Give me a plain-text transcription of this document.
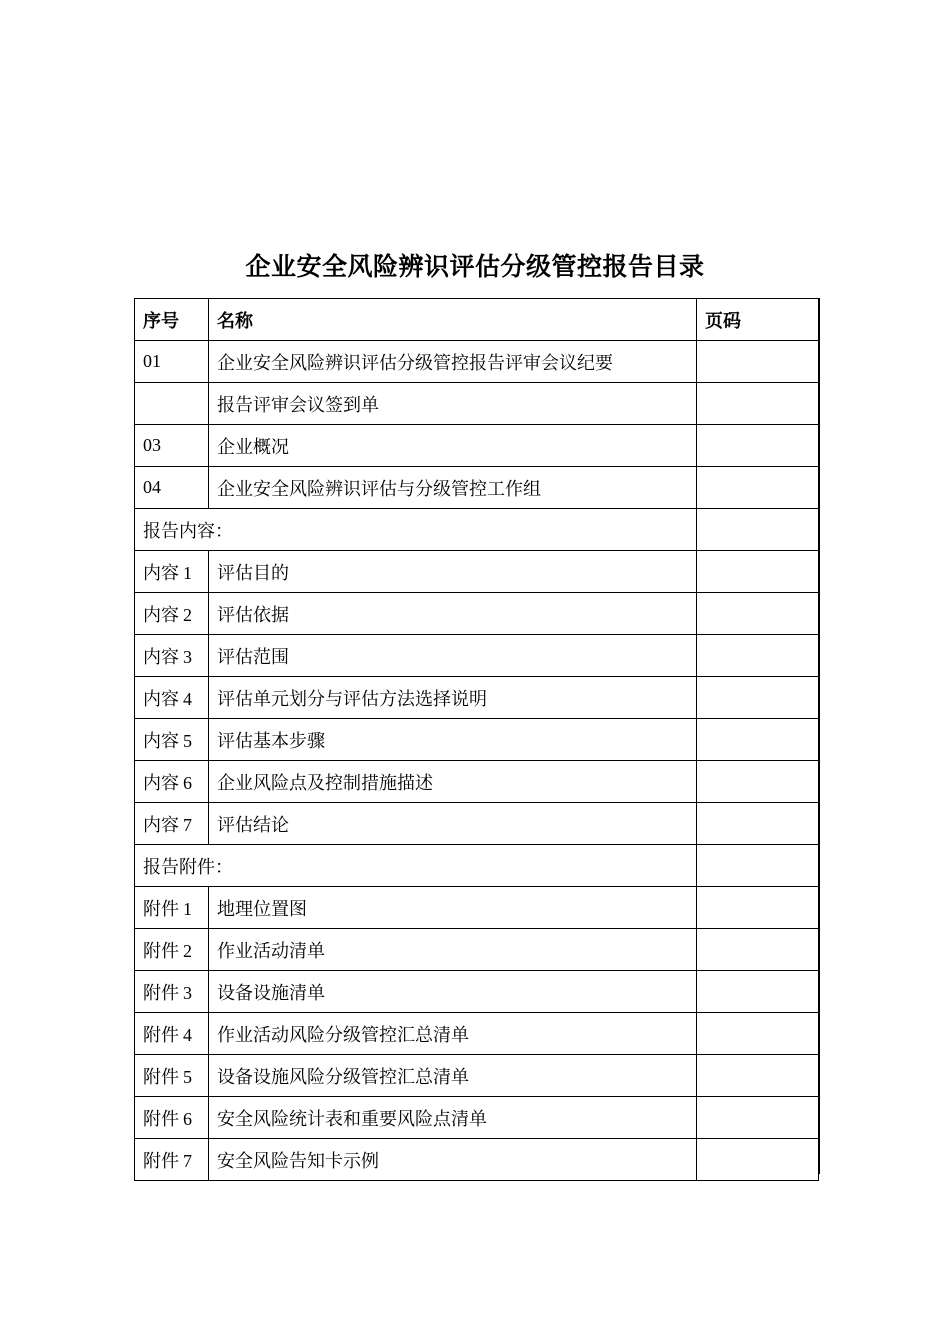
企业安全风险辨识评估分级管控报告目录
序号	名称	页码
01	企业安全风险辨识评估分级管控报告评审会议纪要	
	报告评审会议签到单	
03	企业概况	
04	企业安全风险辨识评估与分级管控工作组	
报告内容：		
内容 1	评估目的	
内容 2	评估依据	
内容 3	评估范围	
内容 4	评估单元划分与评估方法选择说明	
内容 5	评估基本步骤	
内容 6	企业风险点及控制措施描述	
内容 7	评估结论	
报告附件：		
附件 1	地理位置图	
附件 2	作业活动清单	
附件 3	设备设施清单	
附件 4	作业活动风险分级管控汇总清单	
附件 5	设备设施风险分级管控汇总清单	
附件 6	安全风险统计表和重要风险点清单	
附件 7	安全风险告知卡示例	
